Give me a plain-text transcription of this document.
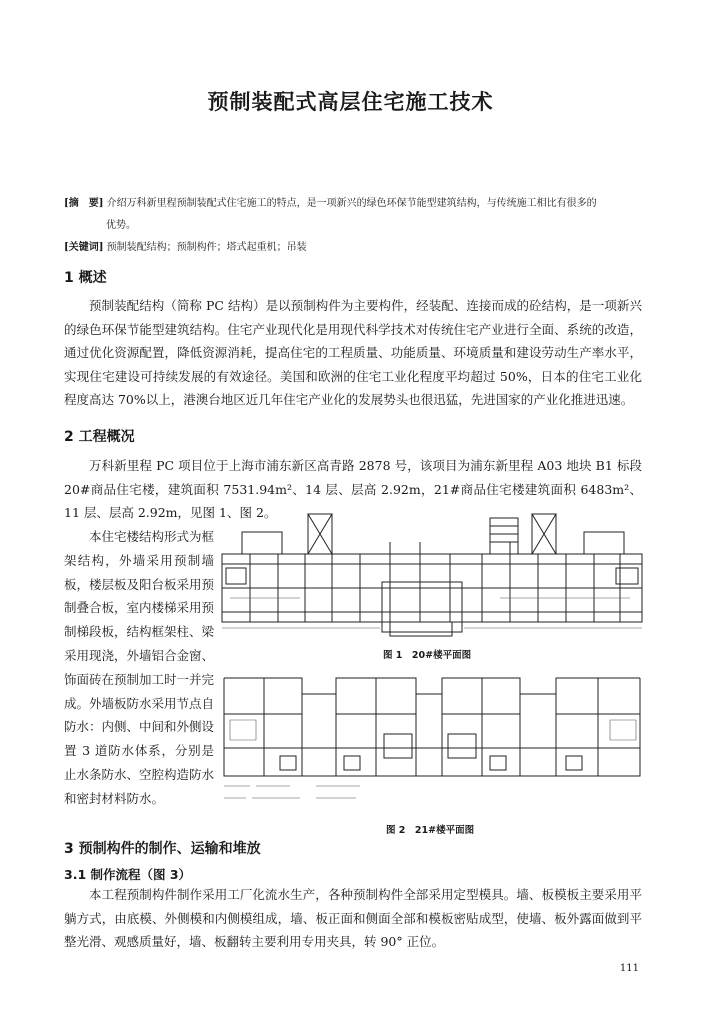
预制装配式高层住宅施工技术
[摘　要] 介绍万科新里程预制装配式住宅施工的特点，是一项新兴的绿色环保节能型建筑结构，与传统施工相比有很多的
优势。
[关键词] 预制装配结构；预制构件；塔式起重机；吊装
1 概述

预制装配结构（简称 PC 结构）是以预制构件为主要构件，经装配、连接而成的砼结构，是一项新兴的绿色环保节能型建筑结构。住宅产业现代化是用现代科学技术对传统住宅产业进行全面、系统的改造，通过优化资源配置，降低资源消耗，提高住宅的工程质量、功能质量、环境质量和建设劳动生产率水平，实现住宅建设可持续发展的有效途径。美国和欧洲的住宅工业化程度平均超过 50%，日本的住宅工业化程度高达 70%以上，港澳台地区近几年住宅产业化的发展势头也很迅猛，先进国家的产业化推进迅速。

2 工程概况

万科新里程 PC 项目位于上海市浦东新区高青路 2878 号，该项目为浦东新里程 A03 地块 B1 标段 20#商品住宅楼，建筑面积 7531.94m²、14 层、层高 2.92m，21#商品住宅楼建筑面积 6483m²、11 层、层高 2.92m，见图 1、图 2。

本住宅楼结构形式为框架结构，外墙采用预制墙板，楼层板及阳台板采用预制叠合板，室内楼梯采用预制梯段板，结构框架柱、梁采用现浇，外墙铝合金窗、饰面砖在预制加工时一并完成。外墙板防水采用节点自防水：内侧、中间和外侧设置 3 道防水体系，分别是止水条防水、空腔构造防水和密封材料防水。

图 1　20#楼平面图
图 2　21#楼平面图
3 预制构件的制作、运输和堆放
3.1 制作流程（图 3）

本工程预制构件制作采用工厂化流水生产，各种预制构件全部采用定型模具。墙、板模板主要采用平躺方式，由底模、外侧模和内侧模组成，墙、板正面和侧面全部和模板密贴成型，使墙、板外露面做到平整光滑、观感质量好，墙、板翻转主要利用专用夹具，转 90° 正位。

111
